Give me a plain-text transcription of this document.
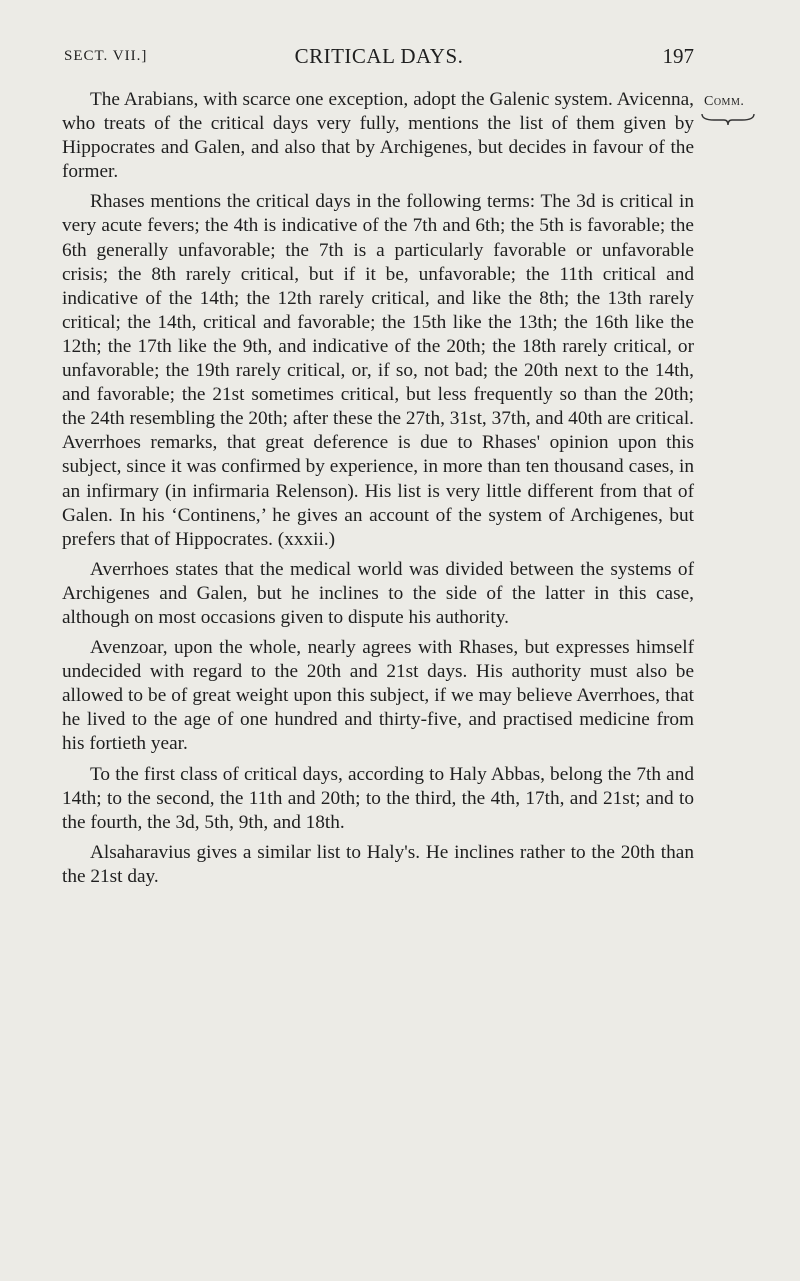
SECT. VII.]	CRITICAL DAYS.	197
Comm.

The Arabians, with scarce one exception, adopt the Galenic system. Avicenna, who treats of the critical days very fully, mentions the list of them given by Hippocrates and Galen, and also that by Archigenes, but decides in favour of the former.

Rhases mentions the critical days in the following terms: The 3d is critical in very acute fevers; the 4th is indicative of the 7th and 6th; the 5th is favorable; the 6th generally unfavorable; the 7th is a particularly favorable or unfavorable crisis; the 8th rarely critical, but if it be, unfavorable; the 11th critical and indicative of the 14th; the 12th rarely critical, and like the 8th; the 13th rarely critical; the 14th, critical and favorable; the 15th like the 13th; the 16th like the 12th; the 17th like the 9th, and indicative of the 20th; the 18th rarely critical, or unfavorable; the 19th rarely critical, or, if so, not bad; the 20th next to the 14th, and favorable; the 21st sometimes critical, but less frequently so than the 20th; the 24th resembling the 20th; after these the 27th, 31st, 37th, and 40th are critical. Averrhoes remarks, that great deference is due to Rhases' opinion upon this subject, since it was confirmed by experience, in more than ten thousand cases, in an infirmary (in infirmaria Relenson). His list is very little different from that of Galen. In his ‘Continens,’ he gives an account of the system of Archigenes, but prefers that of Hippocrates. (xxxii.)

Averrhoes states that the medical world was divided between the systems of Archigenes and Galen, but he inclines to the side of the latter in this case, although on most occasions given to dispute his authority.

Avenzoar, upon the whole, nearly agrees with Rhases, but expresses himself undecided with regard to the 20th and 21st days. His authority must also be allowed to be of great weight upon this subject, if we may believe Averrhoes, that he lived to the age of one hundred and thirty-five, and practised medicine from his fortieth year.

To the first class of critical days, according to Haly Abbas, belong the 7th and 14th; to the second, the 11th and 20th; to the third, the 4th, 17th, and 21st; and to the fourth, the 3d, 5th, 9th, and 18th.

Alsaharavius gives a similar list to Haly's. He inclines rather to the 20th than the 21st day.
